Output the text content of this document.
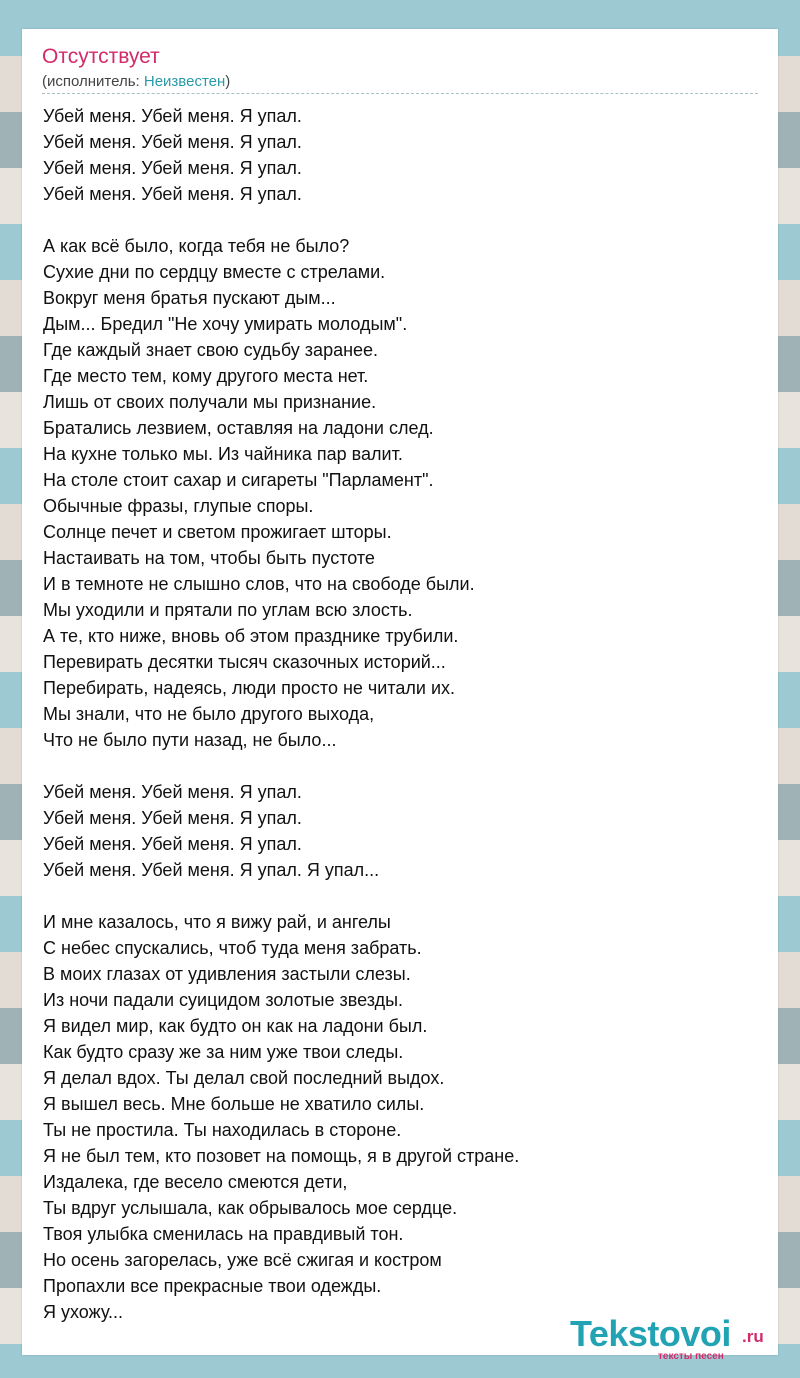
Отсутствует
(исполнитель: Неизвестен)
Убей меня. Убей меня. Я упал.
Убей меня. Убей меня. Я упал.
Убей меня. Убей меня. Я упал.
Убей меня. Убей меня. Я упал.
А как всё было, когда тебя не было?
Сухие дни по сердцу вместе с стрелами.
Вокруг меня братья пускают дым...
Дым... Бредил "Не хочу умирать молодым".
Где каждый знает свою судьбу заранее.
Где место тем, кому другого места нет.
Лишь от своих получали мы признание.
Братались лезвием, оставляя на ладони след.
На кухне только мы. Из чайника пар валит.
На столе стоит сахар и сигареты "Парламент".
Обычные фразы, глупые споры.
Солнце печет и светом прожигает шторы.
Настаивать на том, чтобы быть пустоте
И в темноте не слышно слов, что на свободе были.
Мы уходили и прятали по углам всю злость.
А те, кто ниже, вновь об этом празднике трубили.
Перевирать десятки тысяч сказочных историй...
Перебирать, надеясь, люди просто не читали их.
Мы знали, что не было другого выхода,
Что не было пути назад, не было...
Убей меня. Убей меня. Я упал.
Убей меня. Убей меня. Я упал.
Убей меня. Убей меня. Я упал.
Убей меня. Убей меня. Я упал. Я упал...
И мне казалось, что я вижу рай, и ангелы
С небес спускались, чтоб туда меня забрать.
В моих глазах от удивления застыли слезы.
Из ночи падали суицидом золотые звезды.
Я видел мир, как будто он как на ладони был.
Как будто сразу же за ним уже твои следы.
Я делал вдох. Ты делал свой последний выдох.
Я вышел весь. Мне больше не хватило силы.
Ты не простила. Ты находилась в стороне.
Я не был тем, кто позовет на помощь, я в другой стране.
Издалека, где весело смеются дети,
Ты вдруг услышала, как обрывалось мое сердце.
Твоя улыбка сменилась на правдивый тон.
Но осень загорелась, уже всё сжигая и костром
Пропахли все прекрасные твои одежды.
Я ухожу...
Tekstovoi .ru
тексты песен
